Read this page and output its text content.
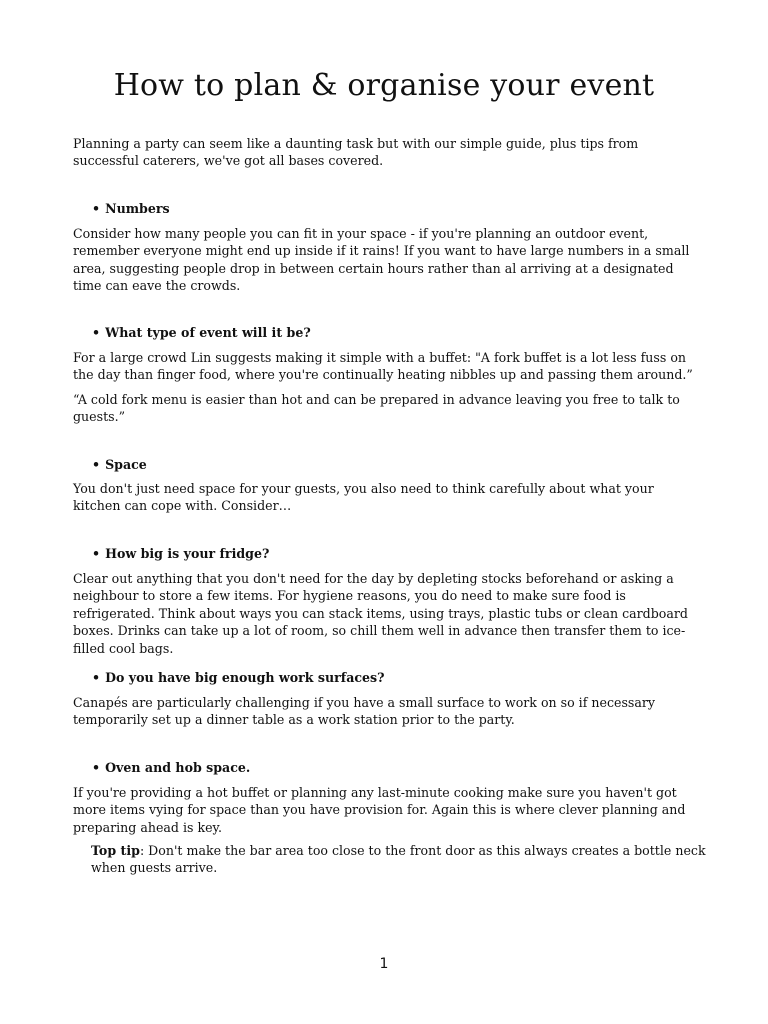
How to plan & organise your event

Planning a party can seem like a daunting task but with our simple guide, plus tips from successful caterers, we've got all bases covered.

• Numbers

Consider how many people you can fit in your space - if you're planning an outdoor event, remember everyone might end up inside if it rains! If you want to have large numbers in a small area, suggesting people drop in between certain hours rather than al arriving at a designated time can eave the crowds.

• What type of event will it be?

For a large crowd Lin suggests making it simple with a buffet: "A fork buffet is a lot less fuss on the day than finger food, where you're continually heating nibbles up and passing them around.”

“A cold fork menu is easier than hot and can be prepared in advance leaving you free to talk to guests.”

• Space

You don't just need space for your guests, you also need to think carefully about what your kitchen can cope with. Consider…

• How big is your fridge?

Clear out anything that you don't need for the day by depleting stocks beforehand or asking a neighbour to store a few items. For hygiene reasons, you do need to make sure food is refrigerated. Think about ways you can stack items, using trays, plastic tubs or clean cardboard boxes. Drinks can take up a lot of room, so chill them well in advance then transfer them to ice-filled cool bags.

• Do you have big enough work surfaces?

Canapés are particularly challenging if you have a small surface to work on so if necessary temporarily set up a dinner table as a work station prior to the party.

• Oven and hob space.

If you're providing a hot buffet or planning any last-minute cooking make sure you haven't got more items vying for space than you have provision for. Again this is where clever planning and preparing ahead is key.

Top tip: Don't make the bar area too close to the front door as this always creates a bottle neck when guests arrive.

1
